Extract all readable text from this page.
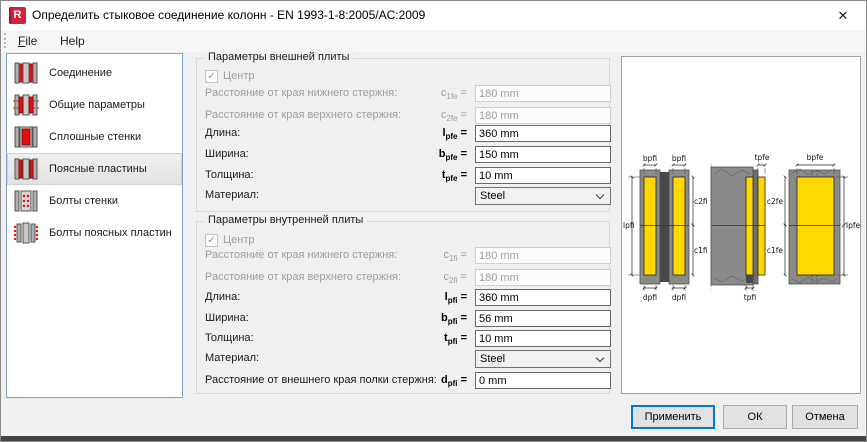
R Определить стыковое соединение колонн - EN 1993-1-8:2005/AC:2009	✕
File	Help
Соединение
Общие параметры
Сплошные стенки
Поясные пластины
Болты стенки
Болты поясных пластин
Параметры внешней плиты
✓ Центр
Расстояние от края нижнего стержня:	$c_{1fe}$ =
180 mm
Расстояние от края верхнего стержня:	$c_{2fe}$ =
180 mm
Длина:	$l_{pfe}$ =
360 mm
Ширина:	$b_{pfe}$ =
150 mm
Толщина:	$t_{pfe}$ =
10 mm
Материал:	Steel
Параметры внутренней плиты
✓ Центр
Расстояние от края нижнего стержня:	$c_{1fi}$ =
180 mm
Расстояние от края верхнего стержня:	$c_{2fi}$ =
180 mm
Длина:	$l_{pfi}$ =
360 mm
Ширина:	$b_{pfi}$ =
56 mm
Толщина:	$t_{pfi}$ =
10 mm
Материал:	Steel
Расстояние от внешнего края полки стержня: $d_{pfi}$ =
0 mm
bpfi bpfi
lpfi
c2fi
c1fi
dpfi dpfi
tpfe
tpfi
bpfe
c2fe
c1fe
lpfe
Применить	ОК	Отмена
